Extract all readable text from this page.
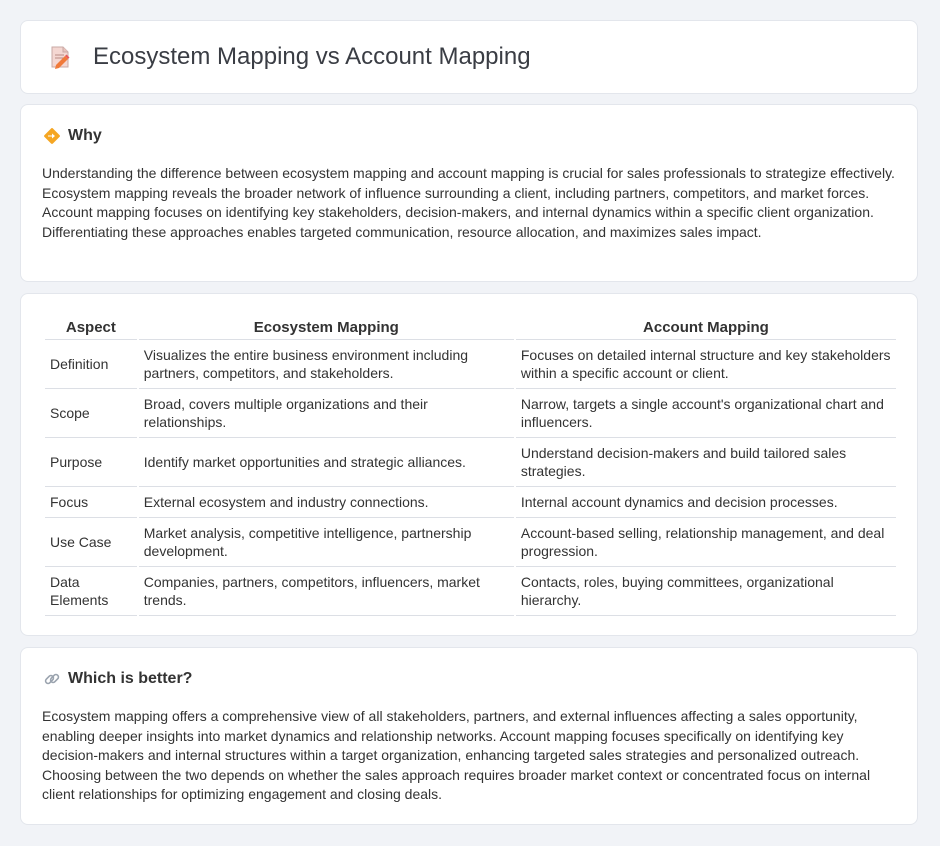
Ecosystem Mapping vs Account Mapping
Why

Understanding the difference between ecosystem mapping and account mapping is crucial for sales professionals to strategize effectively. Ecosystem mapping reveals the broader network of influence surrounding a client, including partners, competitors, and market forces. Account mapping focuses on identifying key stakeholders, decision-makers, and internal dynamics within a specific client organization. Differentiating these approaches enables targeted communication, resource allocation, and maximizes sales impact.

Aspect	Ecosystem Mapping	Account Mapping
Definition	Visualizes the entire business environment including partners, competitors, and stakeholders.	Focuses on detailed internal structure and key stakeholders within a specific account or client.
Scope	Broad, covers multiple organizations and their relationships.	Narrow, targets a single account's organizational chart and influencers.
Purpose	Identify market opportunities and strategic alliances.	Understand decision-makers and build tailored sales strategies.
Focus	External ecosystem and industry connections.	Internal account dynamics and decision processes.
Use Case	Market analysis, competitive intelligence, partnership development.	Account-based selling, relationship management, and deal progression.
Data Elements	Companies, partners, competitors, influencers, market trends.	Contacts, roles, buying committees, organizational hierarchy.
Which is better?

Ecosystem mapping offers a comprehensive view of all stakeholders, partners, and external influences affecting a sales opportunity, enabling deeper insights into market dynamics and relationship networks. Account mapping focuses specifically on identifying key decision-makers and internal structures within a target organization, enhancing targeted sales strategies and personalized outreach. Choosing between the two depends on whether the sales approach requires broader market context or concentrated focus on internal client relationships for optimizing engagement and closing deals.
